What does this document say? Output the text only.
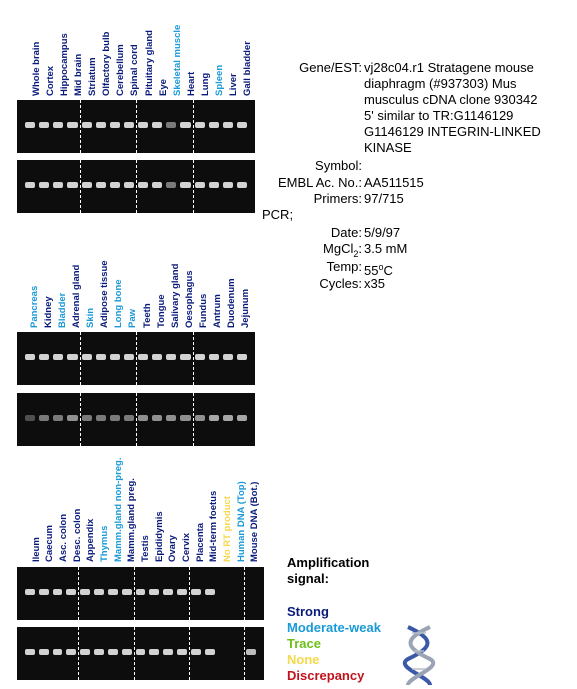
Whole brain Cortex Hippocampus Mid brain Striatum Olfactory bulb Cerebellum Spinal cord Pituitary gland Eye Skeletal muscle Heart Lung Spleen Liver Gall bladder
Pancreas Kidney Bladder Adrenal gland Skin Adipose tissue Long bone Paw Teeth Tongue Salivary gland Oesophagus Fundus Antrum Duodenum Jejunum
Ileum Caecum Asc. colon Desc. colon Appendix Thymus Mamm.gland non-preg. Mamm.gland preg. Testis Epididymis Ovary Cervix Placenta Mid-term foetus No RT product Human DNA (Top) Mouse DNA (Bot.)
Gene/EST: vj28c04.r1 Stratagene mouse
diaphragm (#937303) Mus
musculus cDNA clone 930342
5' similar to TR:G1146129
G1146129 INTEGRIN-LINKED
KINASE
Symbol:
EMBL Ac. No.: AA511515
Primers: 97/715
PCR;
Date: 5/9/97
MgCl$_2$: 3.5 mM
Temp: 55$^o$C
Cycles: x35
Amplification
signal:
Strong
Moderate-weak
Trace
None
Discrepancy
